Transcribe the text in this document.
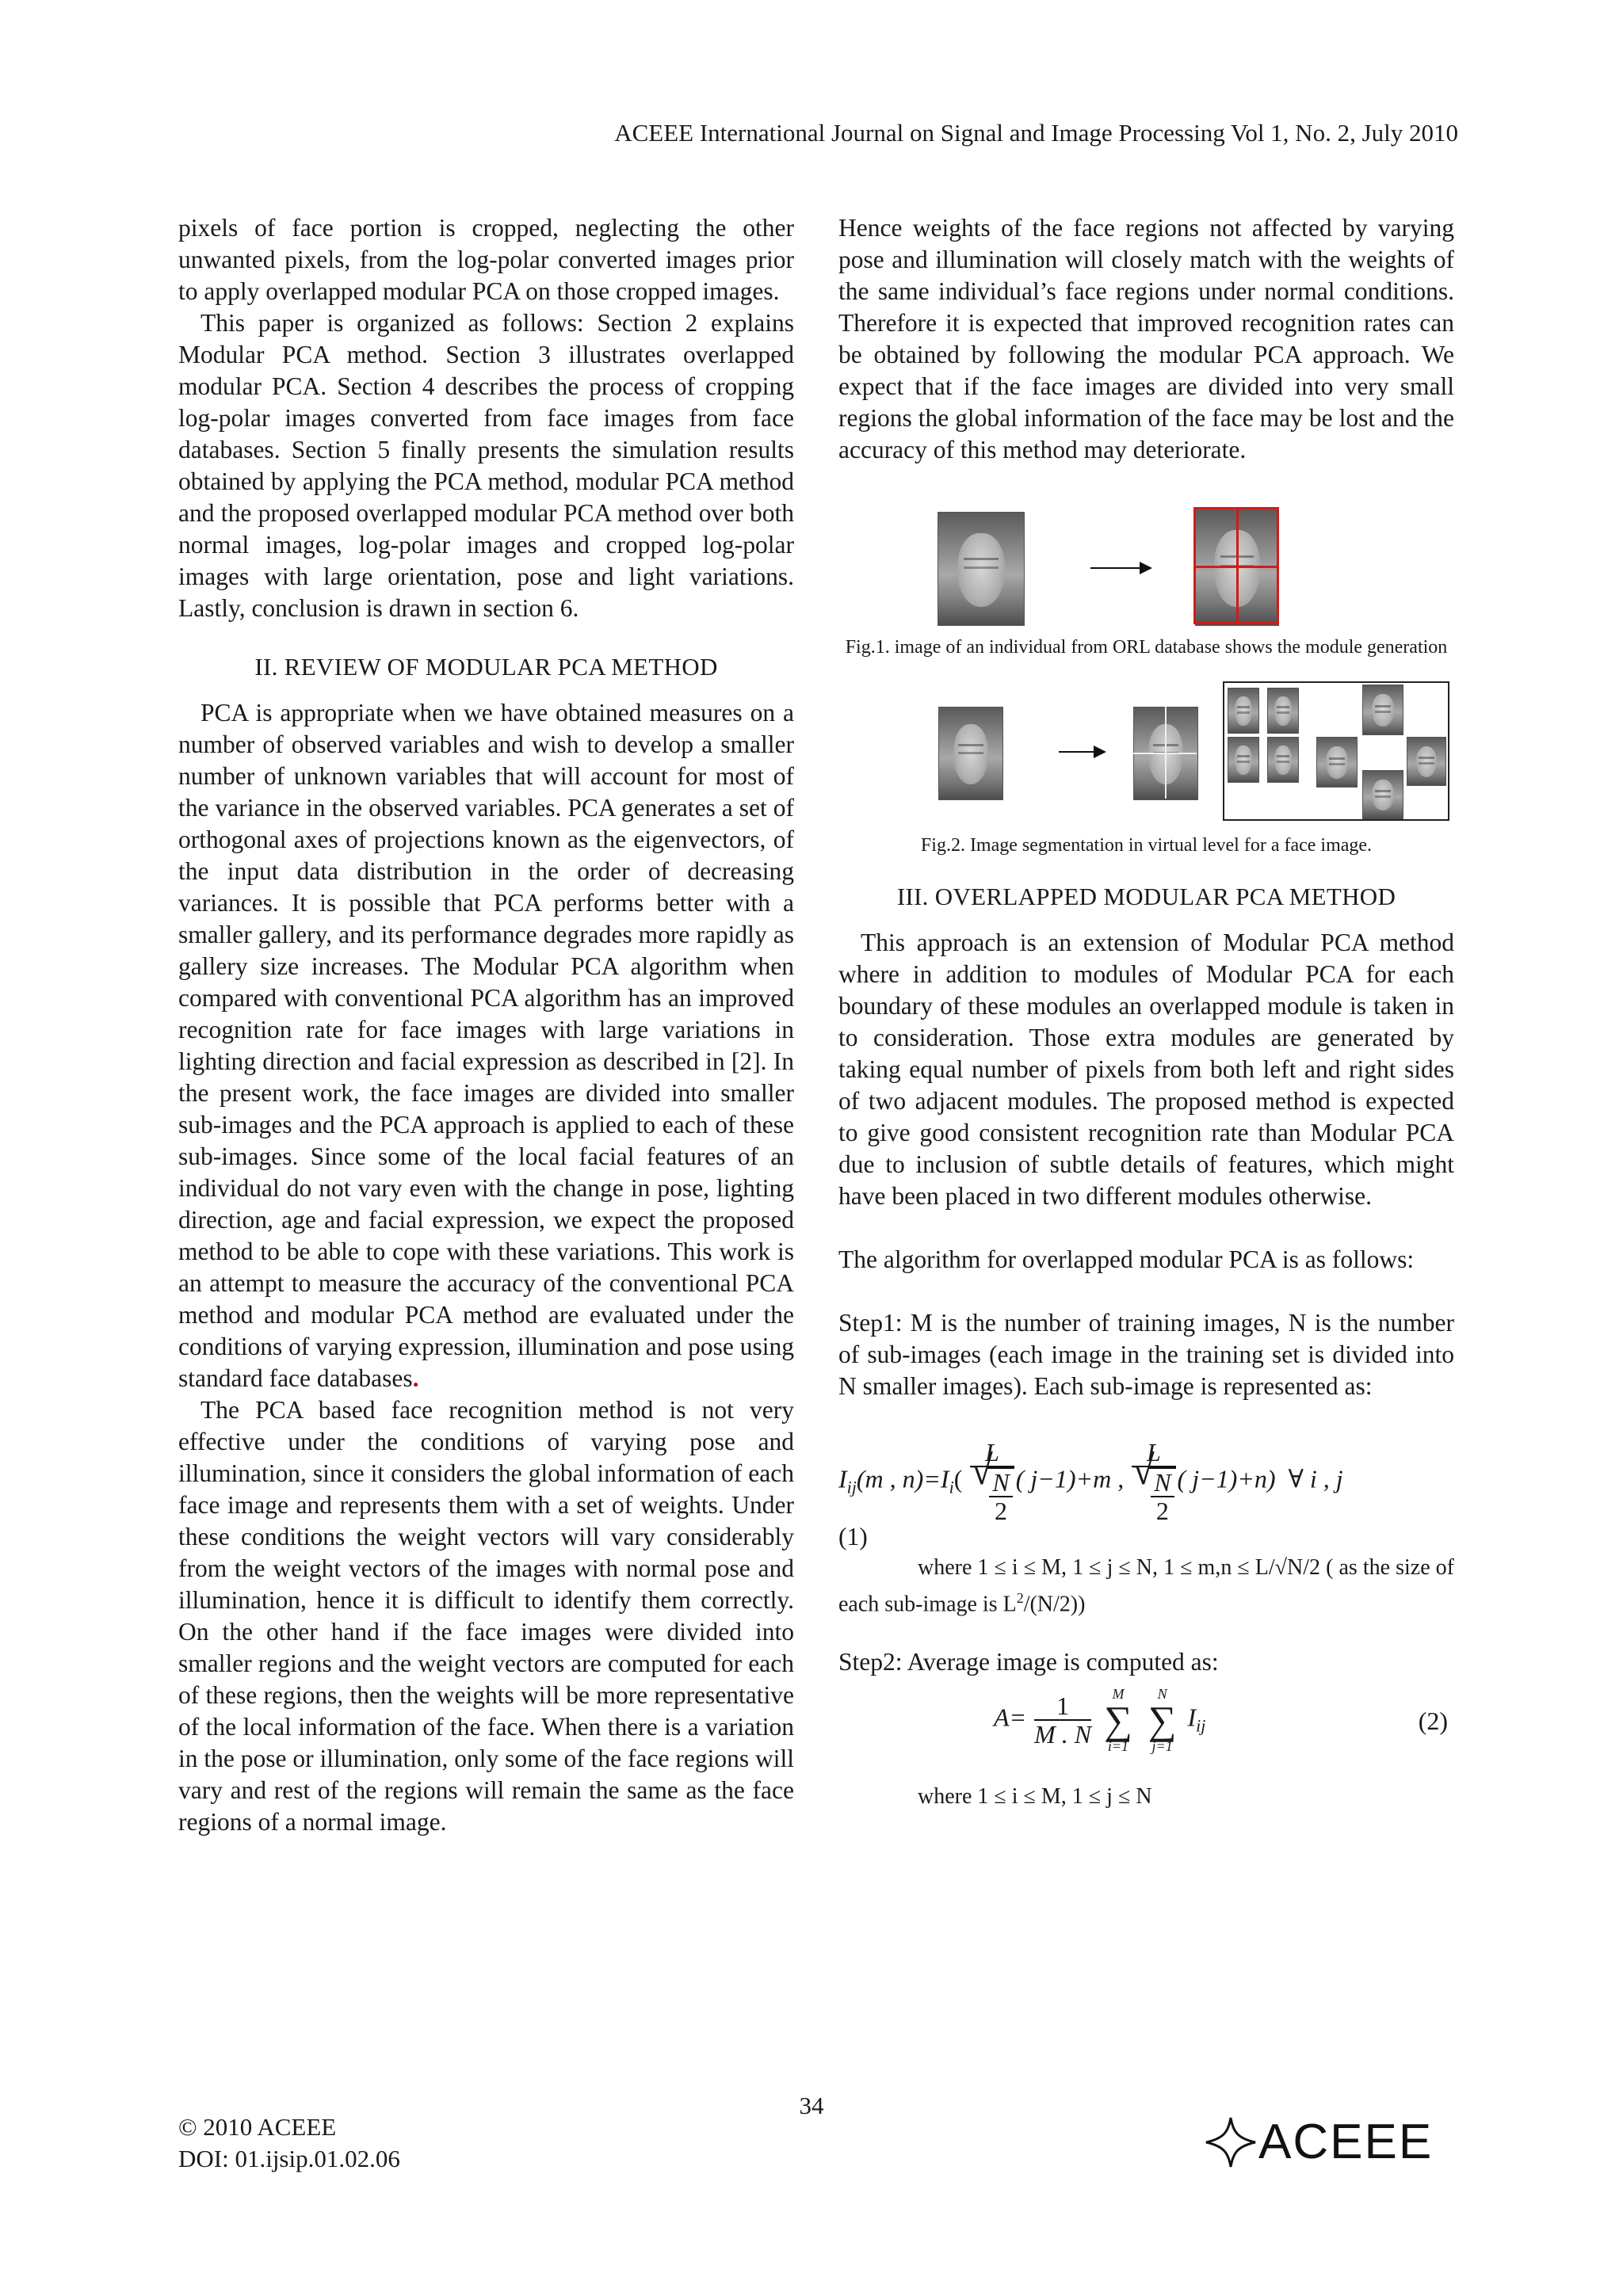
ACEEE International Journal on Signal and Image Processing Vol 1, No. 2, July 2010

pixels of face portion is cropped, neglecting the other unwanted pixels, from the log-polar converted images prior to apply overlapped modular PCA on those cropped images.

This paper is organized as follows: Section 2 explains Modular PCA method. Section 3 illustrates overlapped modular PCA. Section 4 describes the process of cropping log-polar images converted from face images from face databases. Section 5 finally presents the simulation results obtained by applying the PCA method, modular PCA method and the proposed overlapped modular PCA method over both normal images, log-polar images and cropped log-polar images with large orientation, pose and light variations. Lastly, conclusion is drawn in section 6.

II. REVIEW OF MODULAR PCA METHOD

PCA is appropriate when we have obtained measures on a number of observed variables and wish to develop a smaller number of unknown variables that will account for most of the variance in the observed variables. PCA generates a set of orthogonal axes of projections known as the eigenvectors, of the input data distribution in the order of decreasing variances. It is possible that PCA performs better with a smaller gallery, and its performance degrades more rapidly as gallery size increases. The Modular PCA algorithm when compared with conventional PCA algorithm has an improved recognition rate for face images with large variations in lighting direction and facial expression as described in [2]. In the present work, the face images are divided into smaller sub-images and the PCA approach is applied to each of these sub-images. Since some of the local facial features of an individual do not vary even with the change in pose, lighting direction, age and facial expression, we expect the proposed method to be able to cope with these variations. This work is an attempt to measure the accuracy of the conventional PCA method and modular PCA method are evaluated under the conditions of varying expression, illumination and pose using standard face databases.

The PCA based face recognition method is not very effective under the conditions of varying pose and illumination, since it considers the global information of each face image and represents them with a set of weights. Under these conditions the weight vectors will vary considerably from the weight vectors of the images with normal pose and illumination, hence it is difficult to identify them correctly. On the other hand if the face images were divided into smaller regions and the weight vectors are computed for each of these regions, then the weights will be more representative of the local information of the face. When there is a variation in the pose or illumination, only some of the face regions will vary and rest of the regions will remain the same as the face regions of a normal image.

Hence weights of the face regions not affected by varying pose and illumination will closely match with the weights of the same individual’s face regions under normal conditions. Therefore it is expected that improved recognition rates can be obtained by following the modular PCA approach. We expect that if the face images are divided into very small regions the global information of the face may be lost and the accuracy of this method may deteriorate.

Fig.1. image of an individual from ORL database shows the module generation
Fig.2. Image segmentation in virtual level for a face image.

III. OVERLAPPED MODULAR PCA METHOD

This approach is an extension of Modular PCA method where in addition to modules of Modular PCA for each boundary of these modules an overlapped module is taken in to consideration. Those extra modules are generated by taking equal number of pixels from both left and right sides of two adjacent modules. The proposed method is expected to give good consistent recognition rate than Modular PCA due to inclusion of subtle details of features, which might have been placed in two different modules otherwise.

The algorithm for overlapped modular PCA is as follows:

Step1: M is the number of training images, N is the number of sub-images (each image in the training set is divided into N smaller images). Each sub-image is represented as:

$I_{ij}(m$ , $n)=I_i$( L
√ $\frac{N}{2}$ ( j−1)+m , L
√ $\frac{N}{2}$ ( j−1)+n) ∀ i , j

(1)

where 1 ≤ i ≤ M, 1 ≤ j ≤ N, 1 ≤ m,n ≤ L/√N/2 ( as the size of each sub-image is $L^2/(N/2)$)

Step2: Average image is computed as:

$A= \frac{1}{M . N}$
	M
∑
i=1

N
∑
j=1
$I_{ij}$	(2)

where 1 ≤ i ≤ M, 1 ≤ j ≤ N

34
© 2010 ACEEE
DOI: 01.ijsip.01.02.06	ACEEE
